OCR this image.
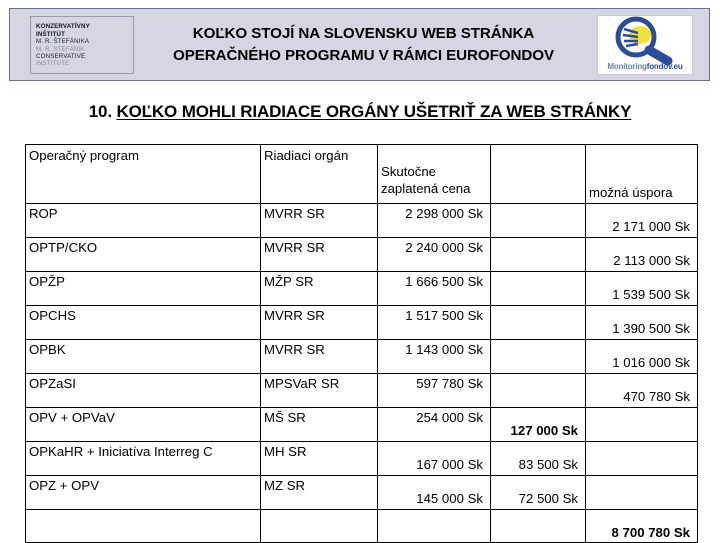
KONZERVATÍVNY
INŠTITÚT
M. R. ŠTEFÁNIKA
M. R. STEFANIK
CONSERVATIVE
INSTITUTE
KOĽKO STOJÍ NA SLOVENSKU WEB STRÁNKA
OPERAČNÉHO PROGRAMU V RÁMCI EUROFONDOV
Monitoringfondov.eu
10. KOĽKO MOHLI RIADIACE ORGÁNY UŠETRIŤ ZA WEB STRÁNKY
Operačný program	Riadiaci orgán	Skutočne
zaplatená cena		možná úspora

ROP	MVRR SR	2 298 000 Sk		2 171 000 Sk

OPTP/CKO	MVRR SR	2 240 000 Sk		2 113 000 Sk

OPŽP	MŽP SR	1 666 500 Sk		1 539 500 Sk

OPCHS	MVRR SR	1 517 500 Sk		1 390 500 Sk

OPBK	MVRR SR	1 143 000 Sk		1 016 000 Sk

OPZaSI	MPSVaR SR	597 780 Sk		470 780 Sk

OPV + OPVaV	MŠ SR	254 000 Sk	127 000 Sk	

OPKaHR + Iniciatíva Interreg C	MH SR	167 000 Sk	83 500 Sk	

OPZ + OPV	MZ SR	145 000 Sk	72 500 Sk	

				8 700 780 Sk
